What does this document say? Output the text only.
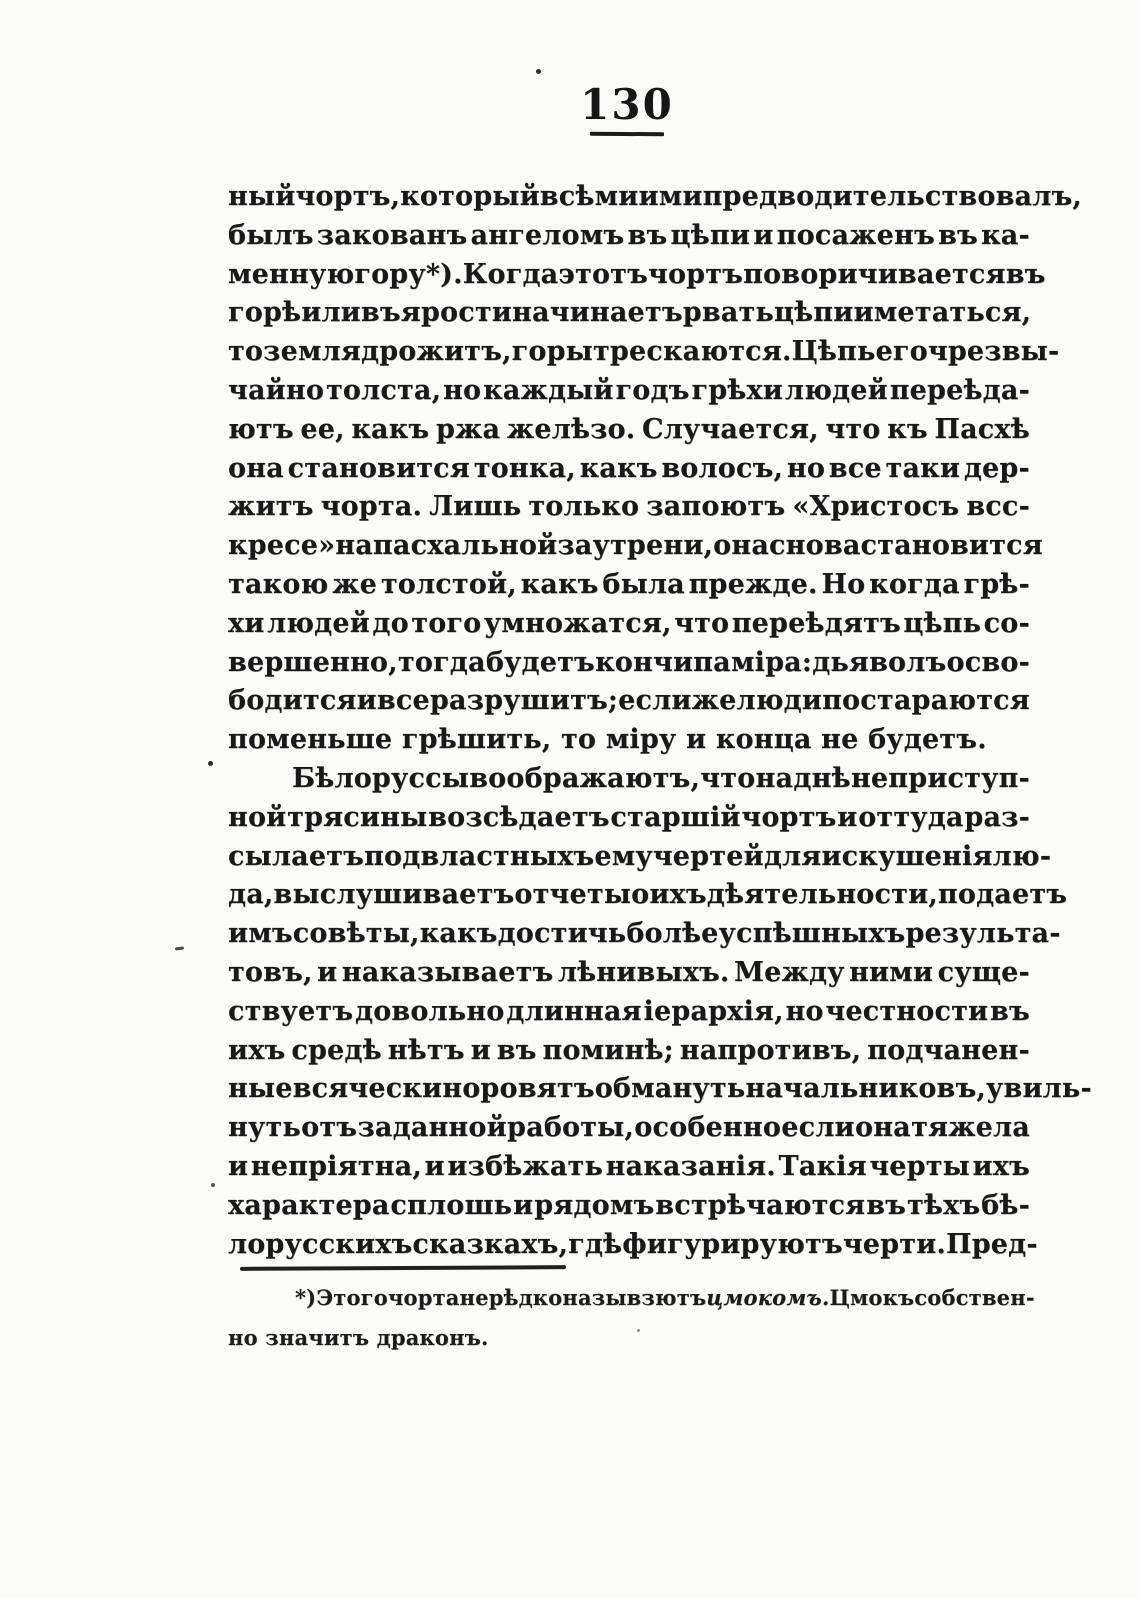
130
ный чортъ, который всѣми ими предводительствовалъ,
былъ закованъ ангеломъ въ цѣпи и посаженъ въ ка-
менную гору *). Когда этотъ чортъ поворичивается въ
горѣ или въ ярости начинаетъ рвать цѣпи и метаться,
то земля дрожитъ, горы трескаются. Цѣпь его чрезвы-
чайно толста, но каждый годъ грѣхи людей переѣда-
ютъ ее, какъ ржа желѣзо. Случается, что къ Пасхѣ
она становится тонка, какъ волосъ, но все таки дер-
житъ чорта. Лишь только запоютъ «Христосъ всс-
кресе» на пасхальной заутрени, она снова становится
такою же толстой, какъ была прежде. Но когда грѣ-
хи людей до того умножатся, что переѣдятъ цѣпь со-
вершенно, тогда будетъ кончипа міра: дьяволъ осво-
бодится и все разрушитъ; если же люди постараются
поменьше грѣшить, то міру и конца не будетъ.
Бѣлоруссы воображаютъ, что на днѣ неприступ-
ной трясины возсѣдаетъ старшій чортъ и оттуда раз-
сылаетъ подвластныхъ ему чертей для искушенія лю-
да, выслушиваетъ отчеты о ихъ дѣятельности, подаетъ
имъ совѣты, какъ достичь болѣе успѣшныхъ результа-
товъ, и наказываетъ лѣнивыхъ. Между ними суще-
ствуетъ довольно длинная іерархія, но честности въ
ихъ средѣ нѣтъ и въ поминѣ; напротивъ, подчанен-
ные всячески норовятъ обмануть начальниковъ, увиль-
нуть отъ заданной работы, особенно если она тяжела
и непріятна, и избѣжать наказанія. Такія черты ихъ
характера сплошь и рядомъ встрѣчаются въ тѣхъ бѣ-
лорусскихъ сказкахъ, гдѣ фигурируютъ черти. Пред-
*) Этого чорта нерѣдко назывзютъ цмокомъ. Цмокъ собствен-
но значитъ драконъ.
